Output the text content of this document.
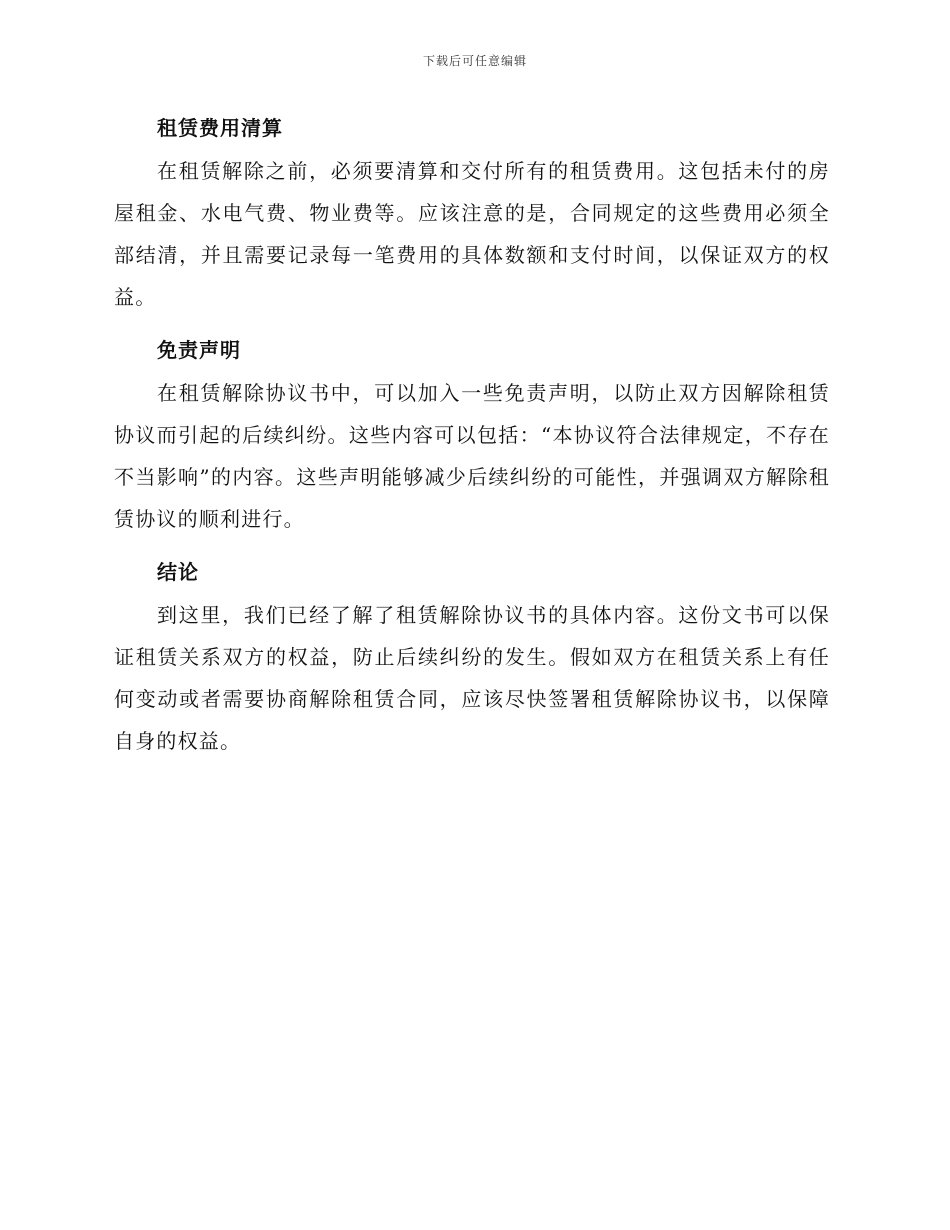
下载后可任意编辑
租赁费用清算

在租赁解除之前，必须要清算和交付所有的租赁费用。这包括未付的房屋租金、水电气费、物业费等。应该注意的是，合同规定的这些费用必须全部结清，并且需要记录每一笔费用的具体数额和支付时间，以保证双方的权益。

免责声明

在租赁解除协议书中，可以加入一些免责声明，以防止双方因解除租赁协议而引起的后续纠纷。这些内容可以包括：“本协议符合法律规定，不存在不当影响”的内容。这些声明能够减少后续纠纷的可能性，并强调双方解除租赁协议的顺利进行。

结论

到这里，我们已经了解了租赁解除协议书的具体内容。这份文书可以保证租赁关系双方的权益，防止后续纠纷的发生。假如双方在租赁关系上有任何变动或者需要协商解除租赁合同，应该尽快签署租赁解除协议书，以保障自身的权益。
